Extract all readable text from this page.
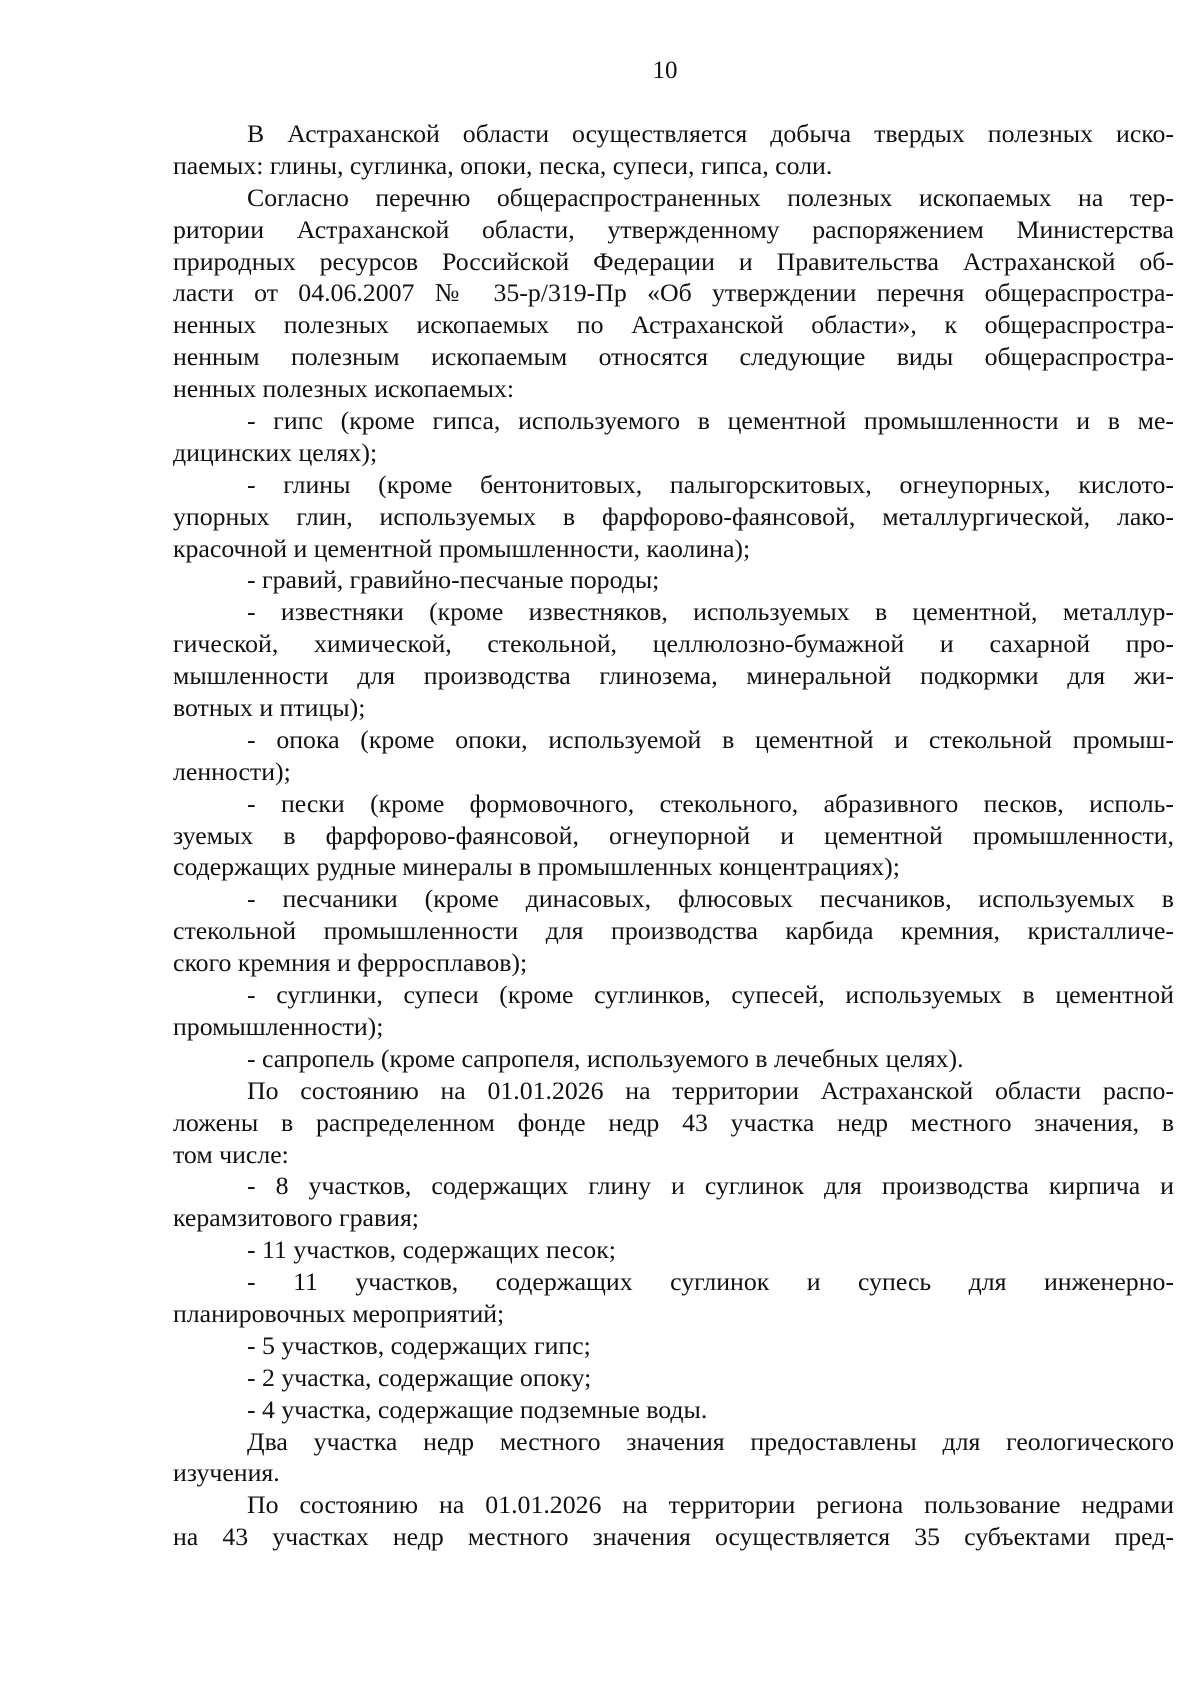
10
В Астраханской области осуществляется добыча твердых полезных иско-
паемых: глины, суглинка, опоки, песка, супеси, гипса, соли.
Согласно перечню общераспространенных полезных ископаемых на тер-
ритории Астраханской области, утвержденному распоряжением Министерства
природных ресурсов Российской Федерации и Правительства Астраханской об-
ласти от 04.06.2007 № 35-р/319-Пр «Об утверждении перечня общераспростра-
ненных полезных ископаемых по Астраханской области», к общераспростра-
ненным полезным ископаемым относятся следующие виды общераспростра-
ненных полезных ископаемых:
- гипс (кроме гипса, используемого в цементной промышленности и в ме-
дицинских целях);
- глины (кроме бентонитовых, палыгорскитовых, огнеупорных, кислото-
упорных глин, используемых в фарфорово-фаянсовой, металлургической, лако-
красочной и цементной промышленности, каолина);
- гравий, гравийно-песчаные породы;
- известняки (кроме известняков, используемых в цементной, металлур-
гической, химической, стекольной, целлюлозно-бумажной и сахарной про-
мышленности для производства глинозема, минеральной подкормки для жи-
вотных и птицы);
- опока (кроме опоки, используемой в цементной и стекольной промыш-
ленности);
- пески (кроме формовочного, стекольного, абразивного песков, исполь-
зуемых в фарфорово-фаянсовой, огнеупорной и цементной промышленности,
содержащих рудные минералы в промышленных концентрациях);
- песчаники (кроме динасовых, флюсовых песчаников, используемых в
стекольной промышленности для производства карбида кремния, кристалличе-
ского кремния и ферросплавов);
- суглинки, супеси (кроме суглинков, супесей, используемых в цементной
промышленности);
- сапропель (кроме сапропеля, используемого в лечебных целях).
По состоянию на 01.01.2026 на территории Астраханской области распо-
ложены в распределенном фонде недр 43 участка недр местного значения, в
том числе:
- 8 участков, содержащих глину и суглинок для производства кирпича и
керамзитового гравия;
- 11 участков, содержащих песок;
- 11 участков, содержащих суглинок и супесь для инженерно-
планировочных мероприятий;
- 5 участков, содержащих гипс;
- 2 участка, содержащие опоку;
- 4 участка, содержащие подземные воды.
Два участка недр местного значения предоставлены для геологического
изучения.
По состоянию на 01.01.2026 на территории региона пользование недрами
на 43 участках недр местного значения осуществляется 35 субъектами пред-
